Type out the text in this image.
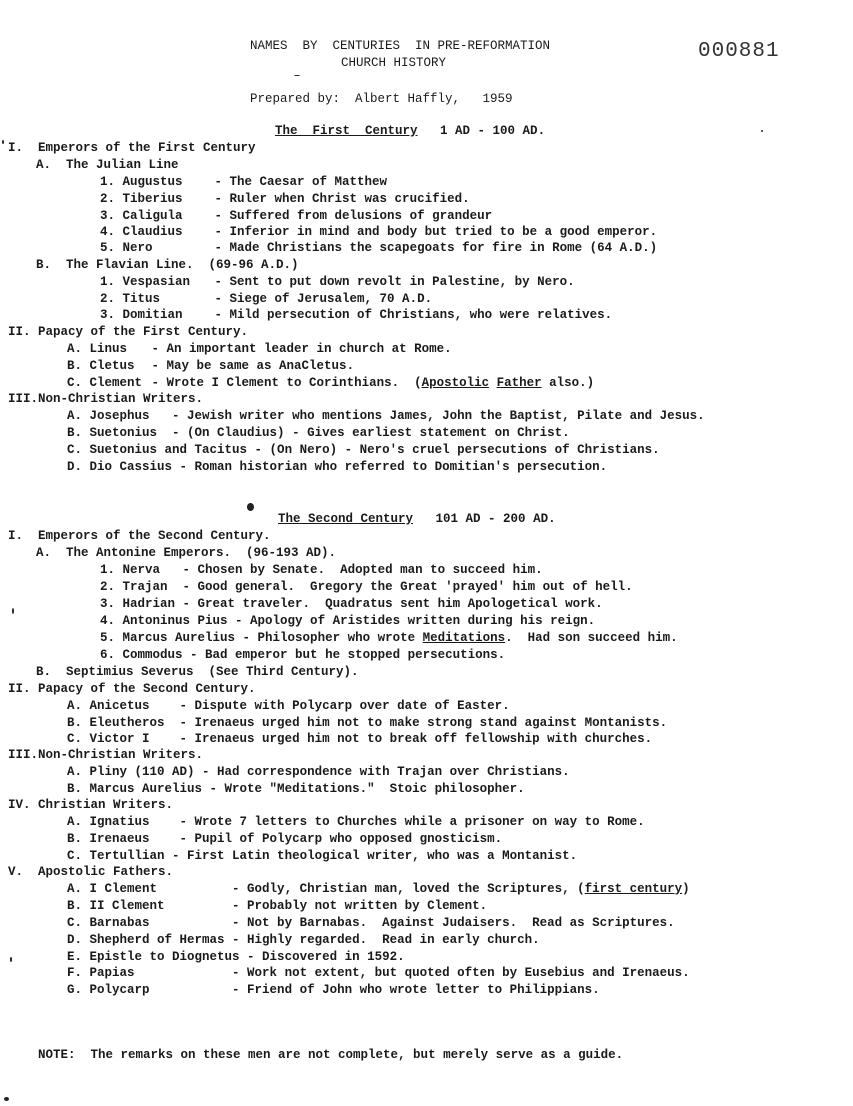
NAMES  BY  CENTURIES  IN PRE-REFORMATION
CHURCH HISTORY	000881
Prepared by:  Albert Haffly,   1959
The  First  Century 1 AD - 100 AD.
I.  Emperors of the First Century
A.  The Julian Line
1. Augustus	- The Caesar of Matthew
2. Tiberius	- Ruler when Christ was crucified.
3. Caligula	- Suffered from delusions of grandeur
4. Claudius	- Inferior in mind and body but tried to be a good emperor.
5. Nero	- Made Christians the scapegoats for fire in Rome (64 A.D.)
B.  The Flavian Line.  (69-96 A.D.)
1. Vespasian - Sent to put down revolt in Palestine, by Nero.
2. Titus	- Siege of Jerusalem, 70 A.D.
3. Domitian	- Mild persecution of Christians, who were relatives.
II. Papacy of the First Century.
A. Linus - An important leader in church at Rome.
B. Cletus - May be same as AnaCletus.
C. Clement - Wrote I Clement to Corinthians.  (Apostolic Father also.)
III.Non-Christian Writers.
A. Josephus   - Jewish writer who mentions James, John the Baptist, Pilate and Jesus.
B. Suetonius  - (On Claudius) - Gives earliest statement on Christ.
C. Suetonius and Tacitus - (On Nero) - Nero's cruel persecutions of Christians.
D. Dio Cassius - Roman historian who referred to Domitian's persecution.
The Second Century 101 AD - 200 AD.
I.  Emperors of the Second Century.
A.  The Antonine Emperors.  (96-193 AD).
1. Nerva   - Chosen by Senate.  Adopted man to succeed him.
2. Trajan  - Good general.  Gregory the Great 'prayed' him out of hell.
3. Hadrian - Great traveler.  Quadratus sent him Apologetical work.
4. Antoninus Pius - Apology of Aristides written during his reign.
5. Marcus Aurelius - Philosopher who wrote Meditations.  Had son succeed him.
6. Commodus - Bad emperor but he stopped persecutions.
B.  Septimius Severus  (See Third Century).
II. Papacy of the Second Century.
A. Anicetus    - Dispute with Polycarp over date of Easter.
B. Eleutheros  - Irenaeus urged him not to make strong stand against Montanists.
C. Victor I    - Irenaeus urged him not to break off fellowship with churches.
III.Non-Christian Writers.
A. Pliny (110 AD) - Had correspondence with Trajan over Christians.
B. Marcus Aurelius - Wrote "Meditations."  Stoic philosopher.
IV. Christian Writers.
A. Ignatius    - Wrote 7 letters to Churches while a prisoner on way to Rome.
B. Irenaeus    - Pupil of Polycarp who opposed gnosticism.
C. Tertullian - First Latin theological writer, who was a Montanist.
V.  Apostolic Fathers.
A. I Clement          - Godly, Christian man, loved the Scriptures, (first century)
B. II Clement         - Probably not written by Clement.
C. Barnabas           - Not by Barnabas.  Against Judaisers.  Read as Scriptures.
D. Shepherd of Hermas - Highly regarded.  Read in early church.
E. Epistle to Diognetus - Discovered in 1592.
F. Papias             - Work not extent, but quoted often by Eusebius and Irenaeus.
G. Polycarp           - Friend of John who wrote letter to Philippians.
NOTE:  The remarks on these men are not complete, but merely serve as a guide.
